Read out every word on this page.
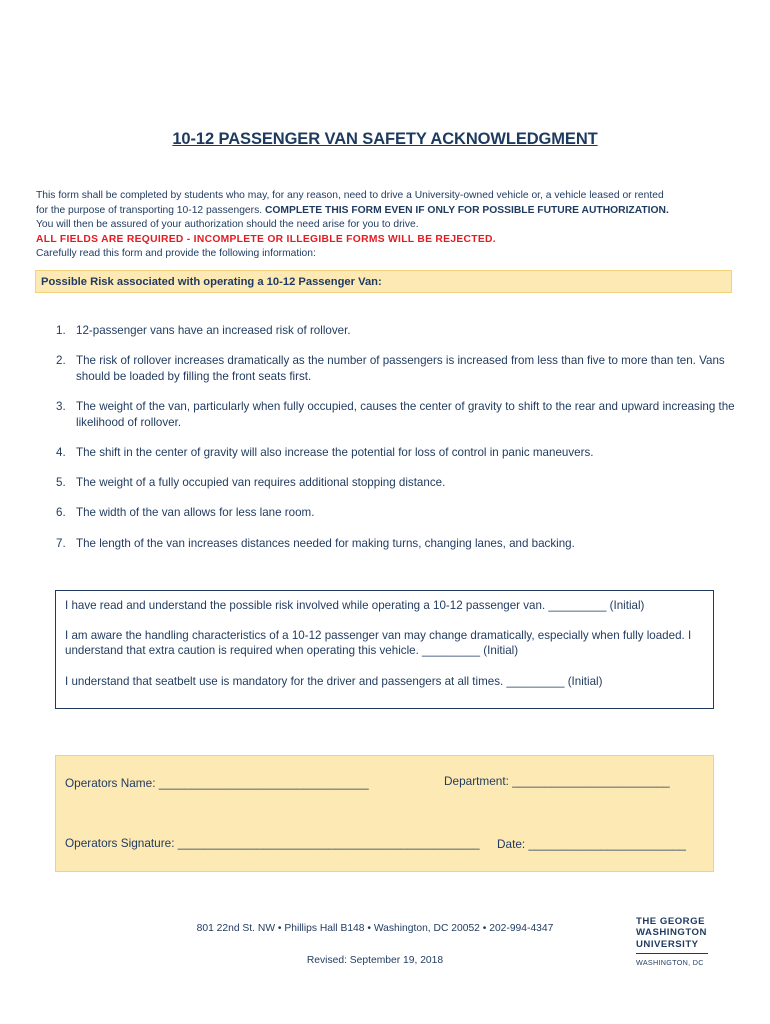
10-12 PASSENGER VAN SAFETY ACKNOWLEDGMENT
This form shall be completed by students who may, for any reason, need to drive a University-owned vehicle or, a vehicle leased or rented
for the purpose of transporting 10-12 passengers. COMPLETE THIS FORM EVEN IF ONLY FOR POSSIBLE FUTURE AUTHORIZATION.
You will then be assured of your authorization should the need arise for you to drive.
ALL FIELDS ARE REQUIRED - INCOMPLETE OR ILLEGIBLE FORMS WILL BE REJECTED.
Carefully read this form and provide the following information:
Possible Risk associated with operating a 10-12 Passenger Van:
1. 12-passenger vans have an increased risk of rollover.
2. The risk of rollover increases dramatically as the number of passengers is increased from less than five to more than ten. Vans should be loaded by filling the front seats first.
3. The weight of the van, particularly when fully occupied, causes the center of gravity to shift to the rear and upward increasing the likelihood of rollover.
4. The shift in the center of gravity will also increase the potential for loss of control in panic maneuvers.
5. The weight of a fully occupied van requires additional stopping distance.
6. The width of the van allows for less lane room.
7. The length of the van increases distances needed for making turns, changing lanes, and backing.
I have read and understand the possible risk involved while operating a 10-12 passenger van. _________ (Initial)
I am aware the handling characteristics of a 10-12 passenger van may change dramatically, especially when fully loaded. I understand that extra caution is required when operating this vehicle. _________ (Initial)
I understand that seatbelt use is mandatory for the driver and passengers at all times. _________ (Initial)
Operators Name: ________________________________	Department: ________________________
Operators Signature: ______________________________________________ Date: ________________________
801 22nd St. NW • Phillips Hall B148 • Washington, DC 20052 • 202-994-4347
Revised: September 19, 2018
THE GEORGE
WASHINGTON
UNIVERSITY
WASHINGTON, DC
